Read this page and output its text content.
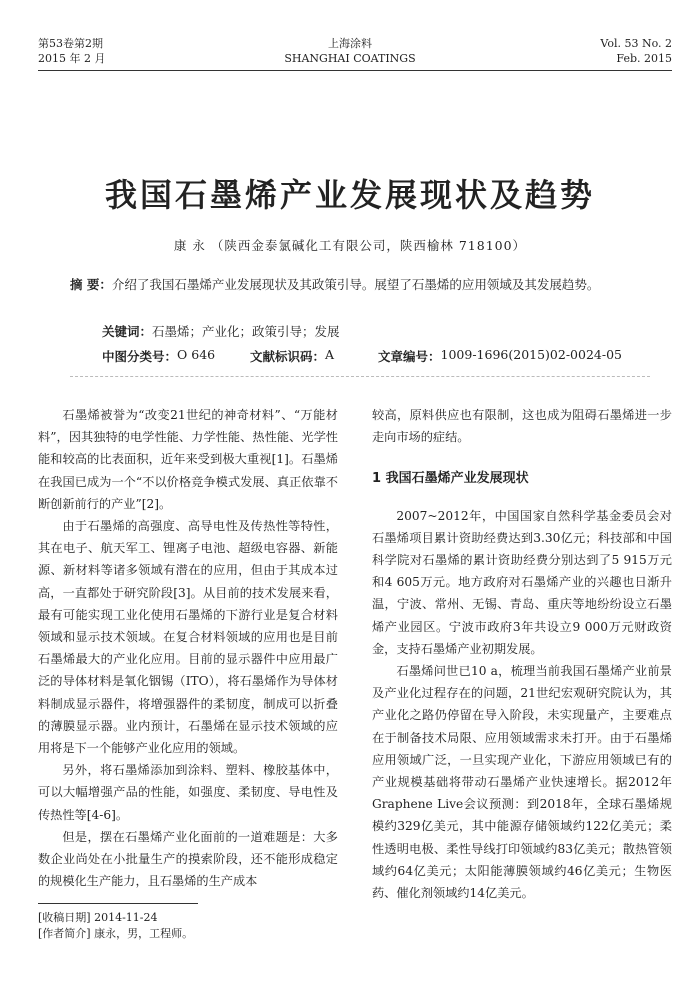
第53卷第2期
2015 年 2 月
上海涂料
SHANGHAI COATINGS
Vol. 53 No. 2
Feb. 2015
我国石墨烯产业发展现状及趋势
康 永 （陕西金泰氯碱化工有限公司，陕西榆林 718100）
摘 要：介绍了我国石墨烯产业发展现状及其政策引导。展望了石墨烯的应用领域及其发展趋势。
关键词：石墨烯；产业化；政策引导；发展
中图分类号： O 646	文献标识码： A	文章编号： 1009-1696(2015)02-0024-05

石墨烯被誉为“改变21世纪的神奇材料”、“万能材料”，因其独特的电学性能、力学性能、热性能、光学性能和较高的比表面积，近年来受到极大重视[1]。石墨烯在我国已成为一个“不以价格竞争模式发展、真正依靠不断创新前行的产业”[2]。

由于石墨烯的高强度、高导电性及传热性等特性，其在电子、航天军工、锂离子电池、超级电容器、新能源、新材料等诸多领域有潜在的应用，但由于其成本过高，一直都处于研究阶段[3]。从目前的技术发展来看，最有可能实现工业化使用石墨烯的下游行业是复合材料领域和显示技术领域。在复合材料领域的应用也是目前石墨烯最大的产业化应用。目前的显示器件中应用最广泛的导体材料是氧化铟锡（ITO），将石墨烯作为导体材料制成显示器件，将增强器件的柔韧度，制成可以折叠的薄膜显示器。业内预计，石墨烯在显示技术领域的应用将是下一个能够产业化应用的领域。

另外，将石墨烯添加到涂料、塑料、橡胶基体中，可以大幅增强产品的性能，如强度、柔韧度、导电性及传热性等[4-6]。

但是，摆在石墨烯产业化面前的一道难题是：大多数企业尚处在小批量生产的摸索阶段，还不能形成稳定的规模化生产能力，且石墨烯的生产成本

较高，原料供应也有限制，这也成为阻碍石墨烯进一步走向市场的症结。

1 我国石墨烯产业发展现状

2007~2012年，中国国家自然科学基金委员会对石墨烯项目累计资助经费达到3.30亿元；科技部和中国科学院对石墨烯的累计资助经费分别达到了5 915万元和4 605万元。地方政府对石墨烯产业的兴趣也日渐升温，宁波、常州、无锡、青岛、重庆等地纷纷设立石墨烯产业园区。宁波市政府3年共设立9 000万元财政资金，支持石墨烯产业初期发展。

石墨烯问世已10 a，梳理当前我国石墨烯产业前景及产业化过程存在的问题，21世纪宏观研究院认为，其产业化之路仍停留在导入阶段，未实现量产，主要难点在于制备技术局限、应用领域需求未打开。由于石墨烯应用领域广泛，一旦实现产业化，下游应用领域已有的产业规模基础将带动石墨烯产业快速增长。据2012年Graphene Live会议预测：到2018年，全球石墨烯规模约329亿美元，其中能源存储领域约122亿美元；柔性透明电极、柔性导线打印领域约83亿美元；散热管领域约64亿美元；太阳能薄膜领域约46亿美元；生物医药、催化剂领域约14亿美元。

[收稿日期] 2014-11-24
[作者简介] 康永，男，工程师。
